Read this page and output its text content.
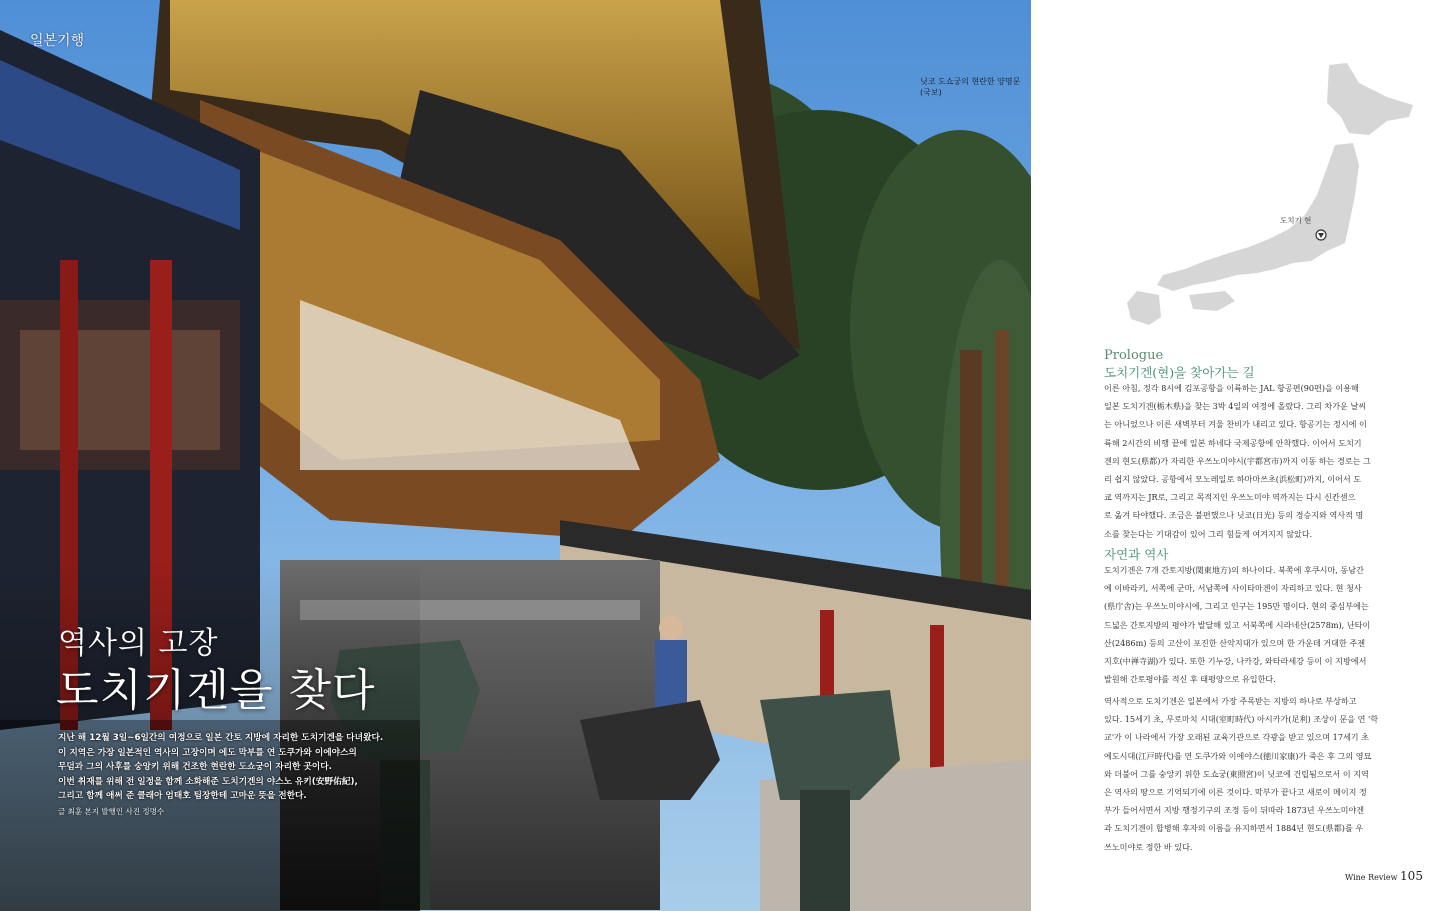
일본기행
닛코 도쇼궁의 현란한 양명문(국보)
역사의 고장
도치기겐을 찾다

지난 해 12월 3일~6일간의 여정으로 일본 간토 지방에 자리한 도치기겐을 다녀왔다.

이 지역은 가장 일본적인 역사의 고장이며 에도 막부를 연 도쿠가와 이에야스의

무덤과 그의 사후를 숭앙키 위해 건조한 현란한 도쇼궁이 자리한 곳이다.

이번 취재를 위해 전 일정을 함께 소화해준 도치기겐의 야스노 유키(安野佑紀),

그리고 함께 애써 준 클래아 엄태호 팀장한테 고마운 뜻을 전한다.

글 최훈 본지 발행인 사진 정명수
도치기 현
Prologue
도치기겐(현)을 찾아가는 길

이른 아침, 정각 8시에 김포공항을 이륙하는 JAL 항공편(90편)을 이용해

일본 도치기겐(栃木県)을 찾는 3박 4일의 여정에 올랐다. 그리 차가운 날씨

는 아니었으나 이른 새벽부터 겨울 찬비가 내리고 있다. 항공기는 정시에 이

륙해 2시간의 비행 끝에 일본 하네다 국제공항에 안착했다. 이어서 도치기

겐의 현도(県都)가 자리한 우쓰노미야시(宇都宮市)까지 이동 하는 경로는 그

리 쉽지 않았다. 공항에서 모노레일로 하마마쓰초(浜松町)까지, 이어서 도

쿄 역까지는 JR로, 그리고 목적지인 우쓰노미야 역까지는 다시 신칸센으

로 옮겨 타야했다. 조금은 불편했으나 닛코(日光) 등의 경승지와 역사적 명

소를 찾는다는 기대감이 있어 그리 힘들게 여겨지지 않았다.

자연과 역사

도치기겐은 7개 간토지방(関東地方)의 하나이다. 북쪽에 후쿠시마, 동남간

에 이바라키, 서쪽에 군마, 서남쪽에 사이타마겐이 자리하고 있다. 현 청사

(県庁舎)는 우쓰노미야시에, 그리고 인구는 195만 명이다. 현의 중심부에는

드넓은 간토지방의 평야가 발달해 있고 서북쪽에 시라네산(2578m), 난타이

산(2486m) 등의 고산이 포진한 산악지대가 있으며 한 가운데 거대한 주젠

지호(中禅寺湖)가 있다. 또한 기누강, 나카강, 와타라세강 등이 이 지방에서

발원해 간토평야를 적신 후 태평양으로 유입한다.

역사적으로 도치기겐은 일본에서 가장 주목받는 지방의 하나로 부상하고

있다. 15세기 초, 무로마치 시대(室町時代) 아시카가(足利) 조상이 문을 연 '학

교'가 이 나라에서 가장 오래된 교육기관으로 각광을 받고 있으며 17세기 초

에도시대(江戸時代)를 연 도쿠가와 이에야스(徳川家康)가 죽은 후 그의 영묘

와 더불어 그를 숭앙키 위한 도쇼궁(東照宮)이 닛코에 건립됨으로서 이 지역

은 역사의 땅으로 기억되기에 이른 것이다. 막부가 끝나고 새로이 메이지 정

부가 들어서면서 지방 행정기구의 조정 등이 뒤따라 1873년 우쓰노미야겐

과 도치기겐이 합병해 후자의 이름을 유지하면서 1884년 현도(県都)를 우

쓰노미야로 정한 바 있다.

Wine Review 105
